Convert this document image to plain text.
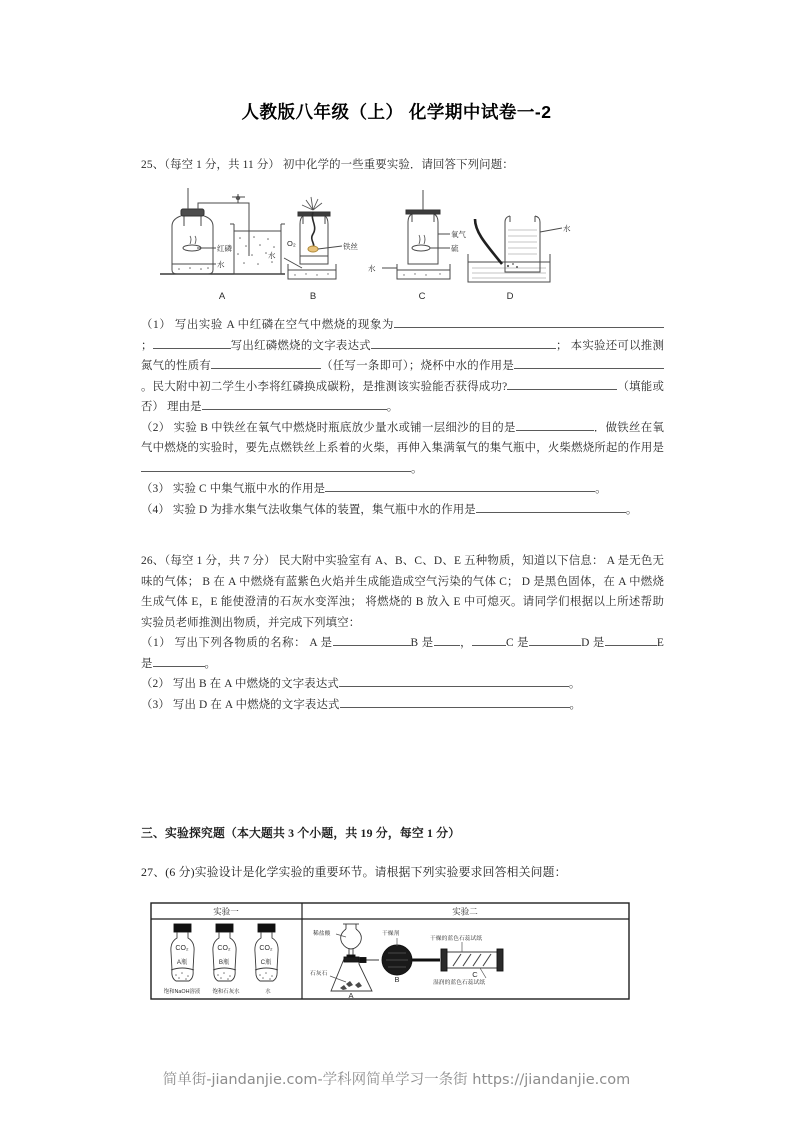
人教版八年级（上） 化学期中试卷一-2

25、（每空 1 分，共 11 分） 初中化学的一些重要实验．请回答下列问题：

红磷
水
O₂	铁丝
水
氧气
硫
水
水
A	B	C	D

（1） 写出实验 A 中红磷在空气中燃烧的现象为；	写出红磷燃烧的文字表达式	； 本实验还可以推测氮气的性质有	（任写一条即可）；烧杯中水的作用是。民大附中初二学生小李将红磷换成碳粉，是推测该实验能否获得成功?	（填能或否） 理由是	。

（2） 实验 B 中铁丝在氧气中燃烧时瓶底放少量水或铺一层细沙的目的是	．做铁丝在氧气中燃烧的实验时，要先点燃铁丝上系着的火柴，再伸入集满氧气的集气瓶中，火柴燃烧所起的作用是。

（3） 实验 C 中集气瓶中水的作用是	。

（4） 实验 D 为排水集气法收集气体的装置，集气瓶中水的作用是	。

26、（每空 1 分，共 7 分） 民大附中实验室有 A、B、C、D、E 五种物质，知道以下信息： A 是无色无味的气体； B 在 A 中燃烧有蓝紫色火焰并生成能造成空气污染的气体 C； D 是黑色固体，在 A 中燃烧生成气体 E，E 能使澄清的石灰水变浑浊； 将燃烧的 B 放入 E 中可熄灭。请同学们根据以上所述帮助实验员老师推测出物质，并完成下列填空：

（1） 写出下列各物质的名称： A 是	B 是 ，	C 是	D 是	E 是	。

（2） 写出 B 在 A 中燃烧的文字表达式	。

（3） 写出 D 在 A 中燃烧的文字表达式	。

三、实验探究题（本大题共 3 个小题，共 19 分，每空 1 分）
27、(6 分)实验设计是化学实验的重要环节。请根据下列实验要求回答相关问题：
实验一	实验二
CO₂
A瓶
饱和NaOH溶液
CO₂
B瓶
饱和石灰水
CO₂
C瓶
水
稀盐酸	干燥剂
干燥的蓝色石蕊试纸
石灰石
湿润的蓝色石蕊试纸
A
B
C
简单街-jiandanjie.com-学科网简单学习一条街 https://jiandanjie.com
